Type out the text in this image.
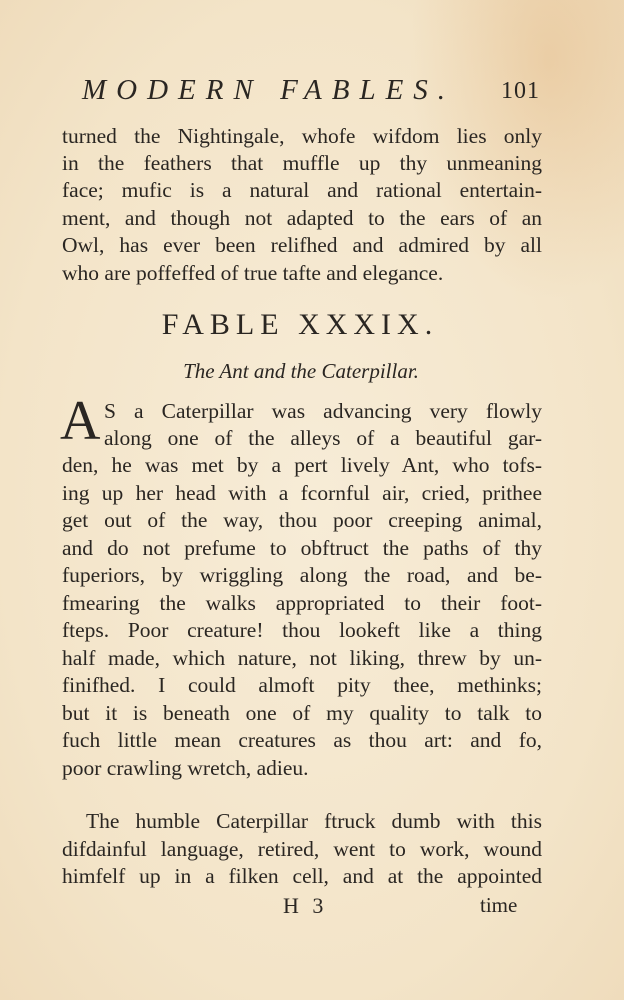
MODERN FABLES. 101
turned the Nightingale, whofe wifdom lies only
in the feathers that muffle up thy unmeaning
face; mufic is a natural and rational entertain-
ment, and though not adapted to the ears of an
Owl, has ever been relifhed and admired by all
who are poffeffed of true tafte and elegance.
FABLE XXXIX.
The Ant and the Caterpillar.
A S a Caterpillar was advancing very flowly
along one of the alleys of a beautiful gar-
den, he was met by a pert lively Ant, who tofs-
ing up her head with a fcornful air, cried, prithee
get out of the way, thou poor creeping animal,
and do not prefume to obftruct the paths of thy
fuperiors, by wriggling along the road, and be-
fmearing the walks appropriated to their foot-
fteps. Poor creature! thou lookeft like a thing
half made, which nature, not liking, threw by un-
finifhed. I could almoft pity thee, methinks;
but it is beneath one of my quality to talk to
fuch little mean creatures as thou art: and fo,
poor crawling wretch, adieu.
The humble Caterpillar ftruck dumb with this
difdainful language, retired, went to work, wound
himfelf up in a filken cell, and at the appointed
H 3	time
